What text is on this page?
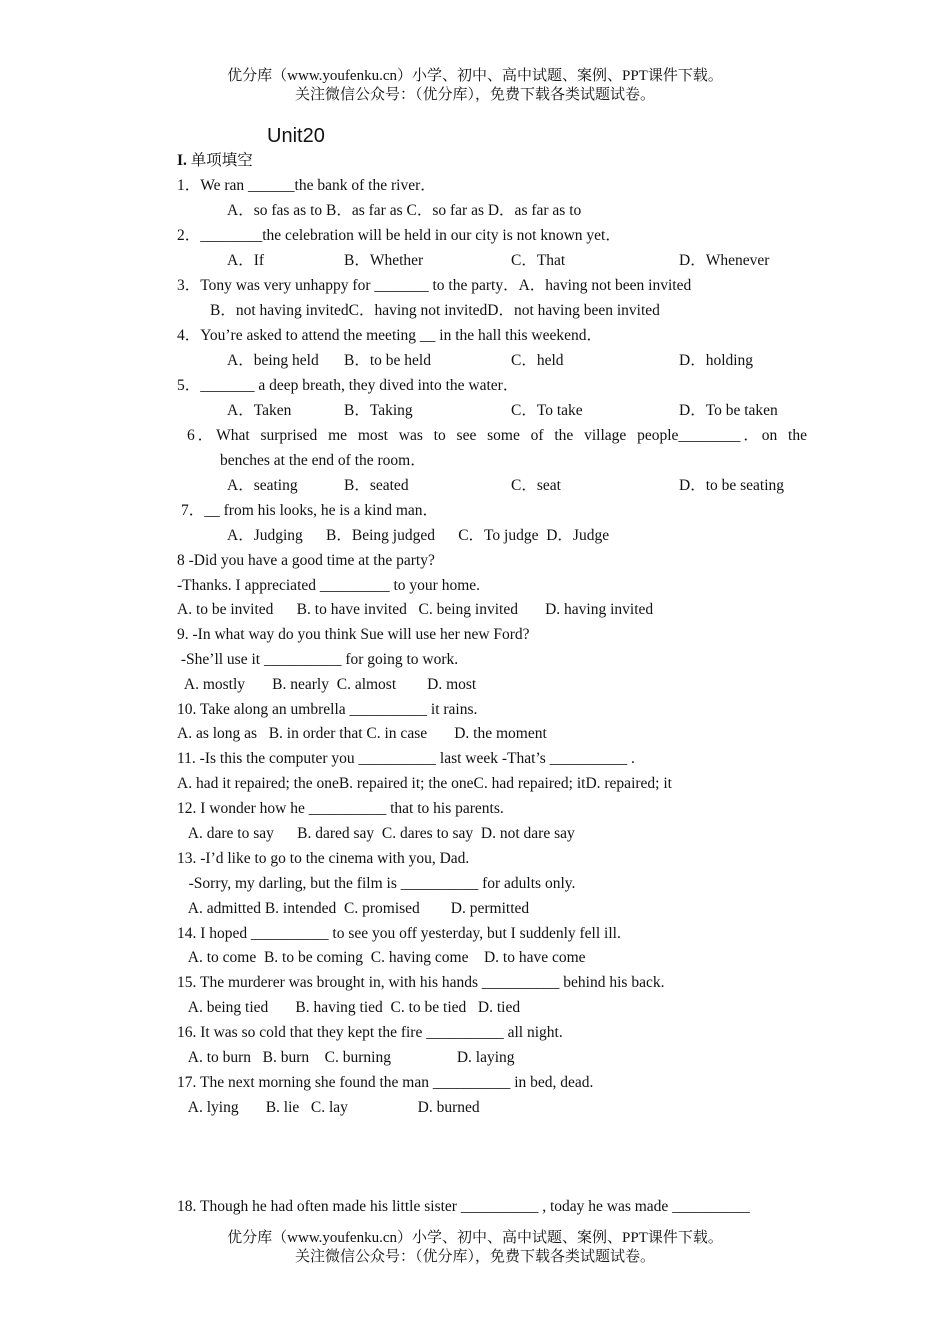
优分库（www.youfenku.cn）小学、初中、高中试题、案例、PPT课件下载。
关注微信公众号：（优分库），免费下载各类试题试卷。
Unit20
I. 单项填空
1．We ran ______the bank of the river．
A．so fas as to B．as far as C．so far as D．as far as to
2．________the celebration will be held in our city is not known yet．
A．If	B．Whether	C．That	D．Whenever
3．Tony was very unhappy for _______ to the party．A．having not been invited
B．not having invitedC．having not invitedD．not having been invited
4．You’re asked to attend the meeting __ in the hall this weekend．
A．being held B．to be held	C．held	D．holding
5．_______ a deep breath, they dived into the water．
A．Taken	B．Taking	C．To take	D．To be taken
6．What surprised me most was to see some of the village people________．on the
benches at the end of the room．
A．seating	B．seated	C．seat	D．to be seating
7．__ from his looks, he is a kind man．
A．Judging      B．Being judged      C．To judge  D．Judge
8 -Did you have a good time at the party?
-Thanks. I appreciated _________ to your home.
A. to be invited      B. to have invited   C. being invited       D. having invited
9. -In what way do you think Sue will use her new Ford?
-She’ll use it __________ for going to work.
A. mostly       B. nearly  C. almost        D. most
10. Take along an umbrella __________ it rains.
A. as long as   B. in order that C. in case       D. the moment
11. -Is this the computer you __________ last week -That’s __________ .
A. had it repaired; the oneB. repaired it; the oneC. had repaired; itD. repaired; it
12. I wonder how he __________ that to his parents.
A. dare to say      B. dared say  C. dares to say  D. not dare say
13. -I’d like to go to the cinema with you, Dad.
-Sorry, my darling, but the film is __________ for adults only.
A. admitted B. intended  C. promised        D. permitted
14. I hoped __________ to see you off yesterday, but I suddenly fell ill.
A. to come  B. to be coming  C. having come    D. to have come
15. The murderer was brought in, with his hands __________ behind his back.
A. being tied       B. having tied  C. to be tied   D. tied
16. It was so cold that they kept the fire __________ all night.
A. to burn   B. burn    C. burning                 D. laying
17. The next morning she found the man __________ in bed, dead.
A. lying       B. lie   C. lay                  D. burned
18. Though he had often made his little sister __________ , today he was made __________
优分库（www.youfenku.cn）小学、初中、高中试题、案例、PPT课件下载。
关注微信公众号：（优分库），免费下载各类试题试卷。
